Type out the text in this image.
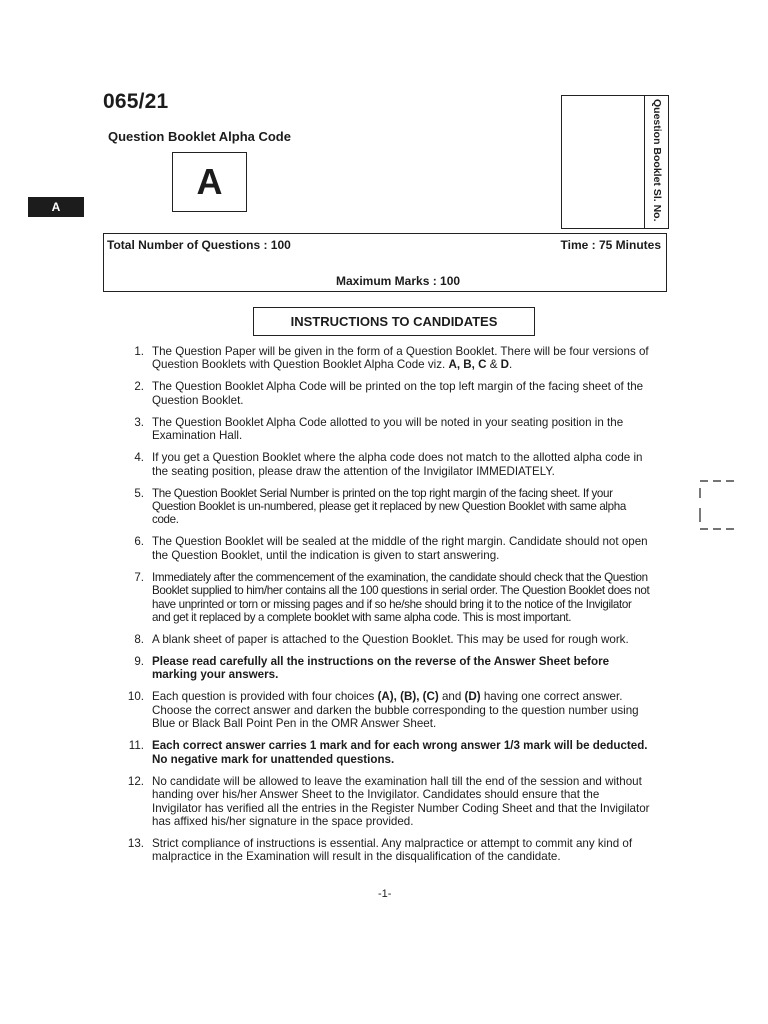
065/21
Question Booklet Alpha Code
A
A	Question Booklet Sl. No.
Total Number of Questions : 100	Time : 75 Minutes
Maximum Marks : 100
INSTRUCTIONS TO CANDIDATES
1. The Question Paper will be given in the form of a Question Booklet. There will be four versions of Question Booklets with Question Booklet Alpha Code viz. A, B, C & D.
2. The Question Booklet Alpha Code will be printed on the top left margin of the facing sheet of the Question Booklet.
3. The Question Booklet Alpha Code allotted to you will be noted in your seating position in the Examination Hall.
4. If you get a Question Booklet where the alpha code does not match to the allotted alpha code in the seating position, please draw the attention of the Invigilator IMMEDIATELY.
5. The Question Booklet Serial Number is printed on the top right margin of the facing sheet. If your Question Booklet is un-numbered, please get it replaced by new Question Booklet with same alpha code.
6. The Question Booklet will be sealed at the middle of the right margin. Candidate should not open the Question Booklet, until the indication is given to start answering.
7. Immediately after the commencement of the examination, the candidate should check that the Question Booklet supplied to him/her contains all the 100 questions in serial order. The Question Booklet does not have unprinted or torn or missing pages and if so he/she should bring it to the notice of the Invigilator and get it replaced by a complete booklet with same alpha code. This is most important.
8. A blank sheet of paper is attached to the Question Booklet. This may be used for rough work.
9. Please read carefully all the instructions on the reverse of the Answer Sheet before marking your answers.
10. Each question is provided with four choices (A), (B), (C) and (D) having one correct answer. Choose the correct answer and darken the bubble corresponding to the question number using Blue or Black Ball Point Pen in the OMR Answer Sheet.
11. Each correct answer carries 1 mark and for each wrong answer 1/3 mark will be deducted. No negative mark for unattended questions.
12. No candidate will be allowed to leave the examination hall till the end of the session and without handing over his/her Answer Sheet to the Invigilator. Candidates should ensure that the Invigilator has verified all the entries in the Register Number Coding Sheet and that the Invigilator has affixed his/her signature in the space provided.
13. Strict compliance of instructions is essential. Any malpractice or attempt to commit any kind of malpractice in the Examination will result in the disqualification of the candidate.
-1-
